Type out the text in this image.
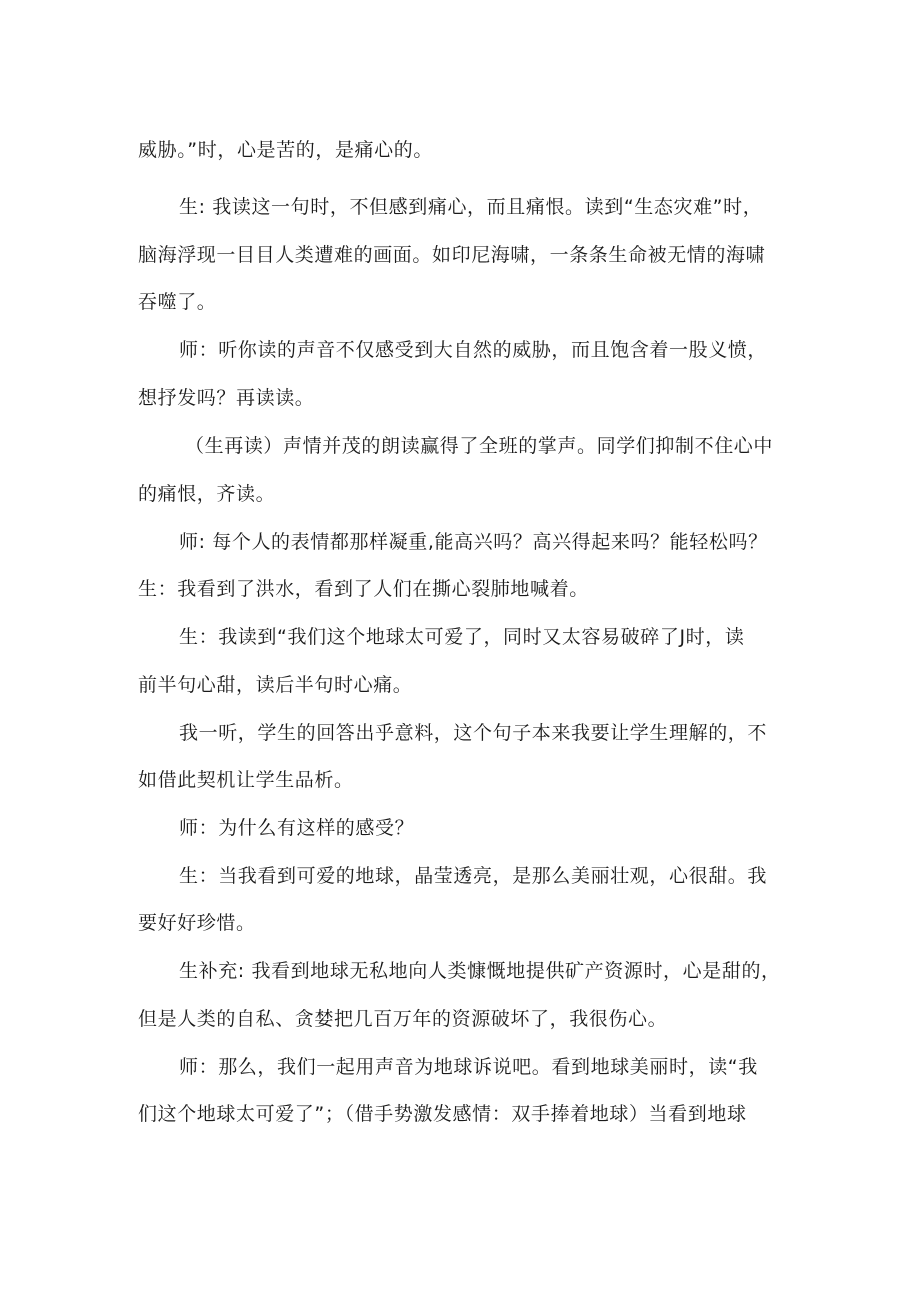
威胁。”时，心是苦的，是痛心的。
生: 我读这一句时，不但感到痛心，而且痛恨。读到“生态灾难”时，
脑海浮现一目目人类遭难的画面。如印尼海啸，一条条生命被无情的海啸
吞噬了。
师：听你读的声音不仅感受到大自然的威胁，而且饱含着一股义愤，
想抒发吗？再读读。
（生再读）声情并茂的朗读赢得了全班的掌声。同学们抑制不住心中
的痛恨，齐读。
师: 每个人的表情都那样凝重,能高兴吗？高兴得起来吗？能轻松吗？
生：我看到了洪水，看到了人们在撕心裂肺地喊着。
生：我读到“我们这个地球太可爱了，同时又太容易破碎了J时，读
前半句心甜，读后半句时心痛。
我一听，学生的回答出乎意料，这个句子本来我要让学生理解的，不
如借此契机让学生品析。
师：为什么有这样的感受？
生：当我看到可爱的地球，晶莹透亮，是那么美丽壮观，心很甜。我
要好好珍惜。
生补充: 我看到地球无私地向人类慷慨地提供矿产资源时，心是甜的，
但是人类的自私、贪婪把几百万年的资源破坏了，我很伤心。
师：那么，我们一起用声音为地球诉说吧。看到地球美丽时，读“我
们这个地球太可爱了”；（借手势激发感情：双手捧着地球）当看到地球
